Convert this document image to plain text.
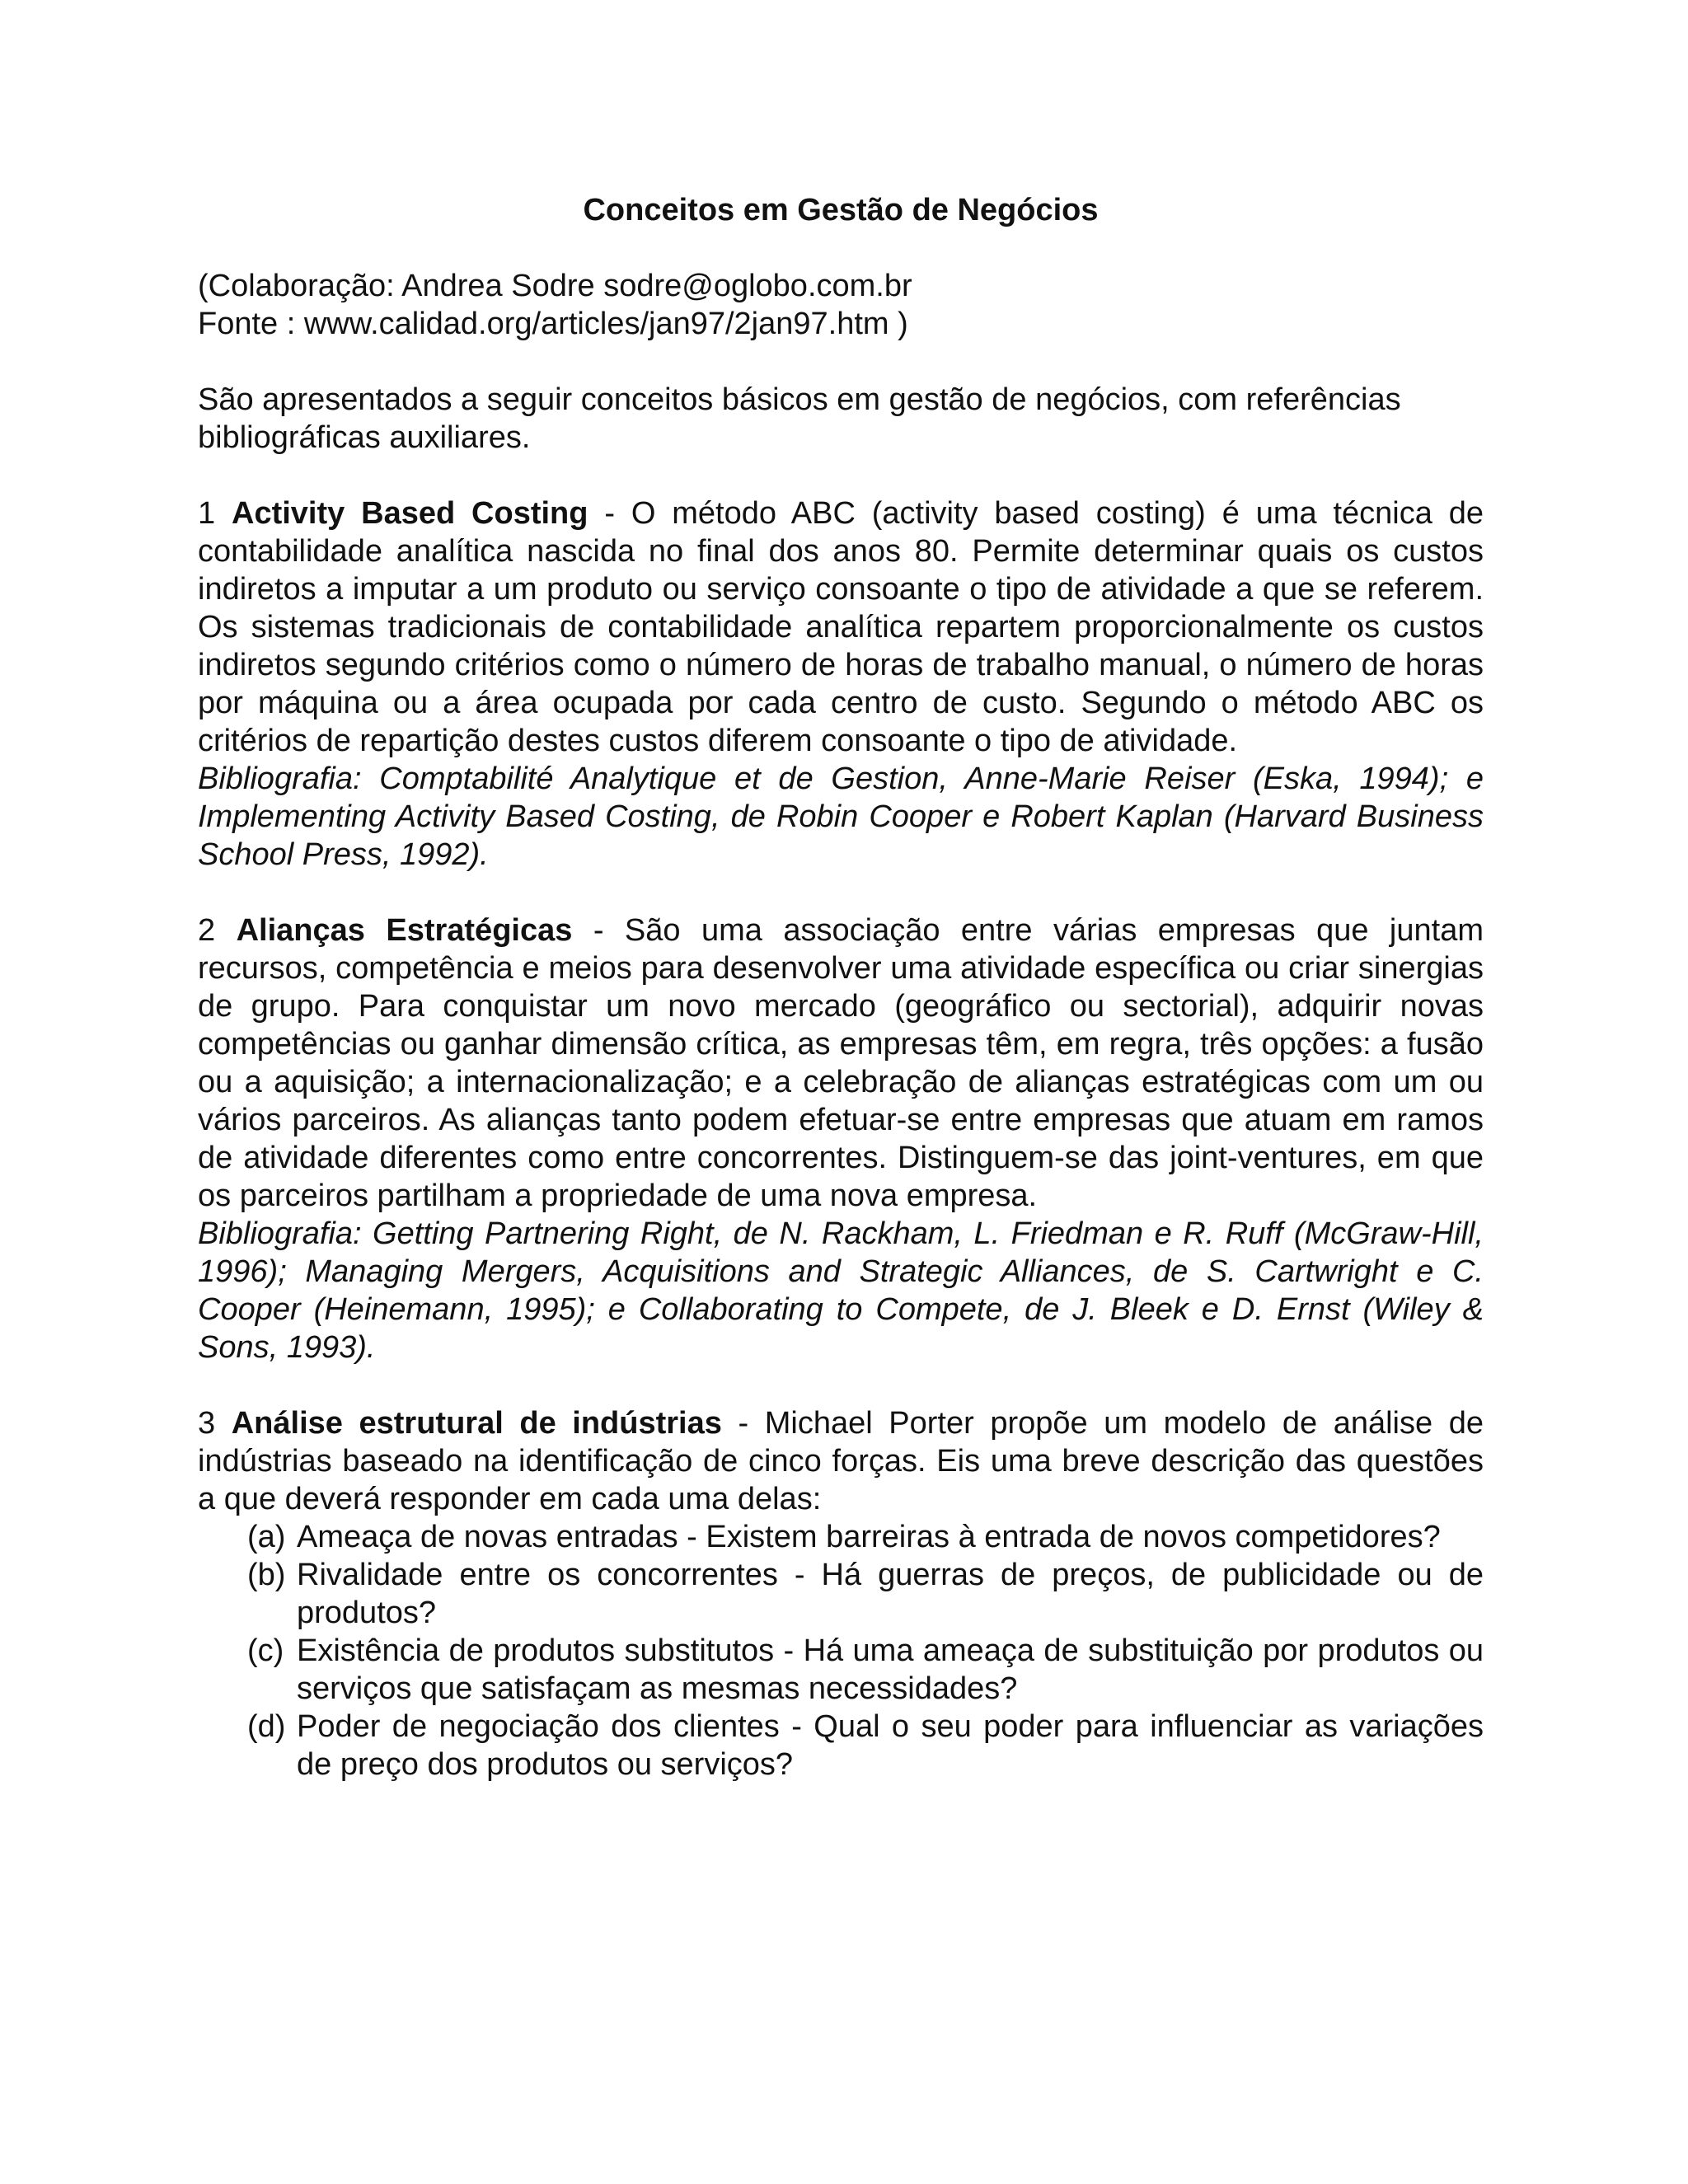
Conceitos em Gestão de Negócios

(Colaboração: Andrea Sodre sodre@oglobo.com.br

Fonte : www.calidad.org/articles/jan97/2jan97.htm )

São apresentados a seguir conceitos básicos em gestão de negócios, com referências bibliográficas auxiliares.

1 Activity Based Costing - O método ABC (activity based costing) é uma técnica de contabilidade analítica nascida no final dos anos 80. Permite determinar quais os custos indiretos a imputar a um produto ou serviço consoante o tipo de atividade a que se referem. Os sistemas tradicionais de contabilidade analítica repartem proporcionalmente os custos indiretos segundo critérios como o número de horas de trabalho manual, o número de horas por máquina ou a área ocupada por cada centro de custo. Segundo o método ABC os critérios de repartição destes custos diferem consoante o tipo de atividade.

Bibliografia: Comptabilité Analytique et de Gestion, Anne-Marie Reiser (Eska, 1994); e Implementing Activity Based Costing, de Robin Cooper e Robert Kaplan (Harvard Business School Press, 1992).

2 Alianças Estratégicas - São uma associação entre várias empresas que juntam recursos, competência e meios para desenvolver uma atividade específica ou criar sinergias de grupo. Para conquistar um novo mercado (geográfico ou sectorial), adquirir novas competências ou ganhar dimensão crítica, as empresas têm, em regra, três opções: a fusão ou a aquisição; a internacionalização; e a celebração de alianças estratégicas com um ou vários parceiros. As alianças tanto podem efetuar-se entre empresas que atuam em ramos de atividade diferentes como entre concorrentes. Distinguem-se das joint-ventures, em que os parceiros partilham a propriedade de uma nova empresa.

Bibliografia: Getting Partnering Right, de N. Rackham, L. Friedman e R. Ruff (McGraw-Hill, 1996); Managing Mergers, Acquisitions and Strategic Alliances, de S. Cartwright e C. Cooper (Heinemann, 1995); e Collaborating to Compete, de J. Bleek e D. Ernst (Wiley & Sons, 1993).

3 Análise estrutural de indústrias - Michael Porter propõe um modelo de análise de indústrias baseado na identificação de cinco forças. Eis uma breve descrição das questões a que deverá responder em cada uma delas:

(a) Ameaça de novas entradas - Existem barreiras à entrada de novos competidores?
(b) Rivalidade entre os concorrentes - Há guerras de preços, de publicidade ou de produtos?
(c) Existência de produtos substitutos - Há uma ameaça de substituição por produtos ou serviços que satisfaçam as mesmas necessidades?
(d) Poder de negociação dos clientes - Qual o seu poder para influenciar as variações de preço dos produtos ou serviços?
